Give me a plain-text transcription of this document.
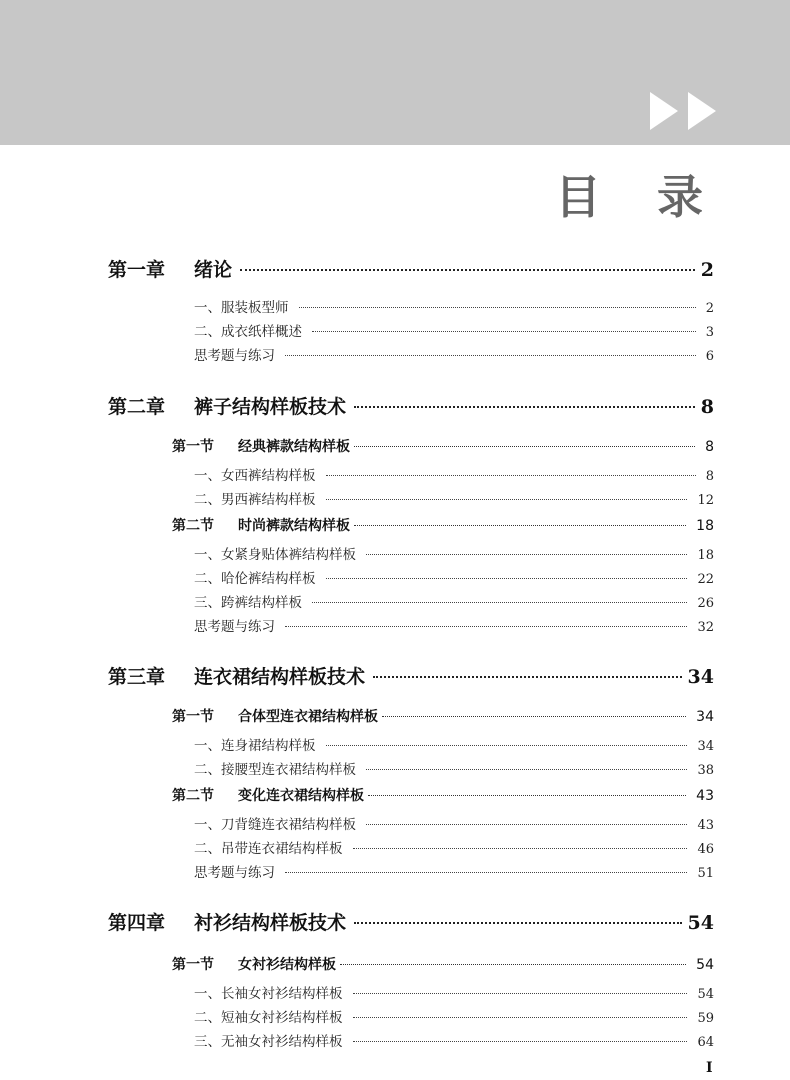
目录
第一章 绪论	2
一、服装板型师	2
二、成衣纸样概述	3
思考题与练习	6
第二章 裤子结构样板技术	8
第一节 经典裤款结构样板	8
一、女西裤结构样板	8
二、男西裤结构样板	12
第二节 时尚裤款结构样板	18
一、女紧身贴体裤结构样板	18
二、哈伦裤结构样板	22
三、跨裤结构样板	26
思考题与练习	32
第三章 连衣裙结构样板技术	34
第一节 合体型连衣裙结构样板	34
一、连身裙结构样板	34
二、接腰型连衣裙结构样板	38
第二节 变化连衣裙结构样板	43
一、刀背缝连衣裙结构样板	43
二、吊带连衣裙结构样板	46
思考题与练习	51
第四章 衬衫结构样板技术	54
第一节 女衬衫结构样板	54
一、长袖女衬衫结构样板	54
二、短袖女衬衫结构样板	59
三、无袖女衬衫结构样板	64
I
